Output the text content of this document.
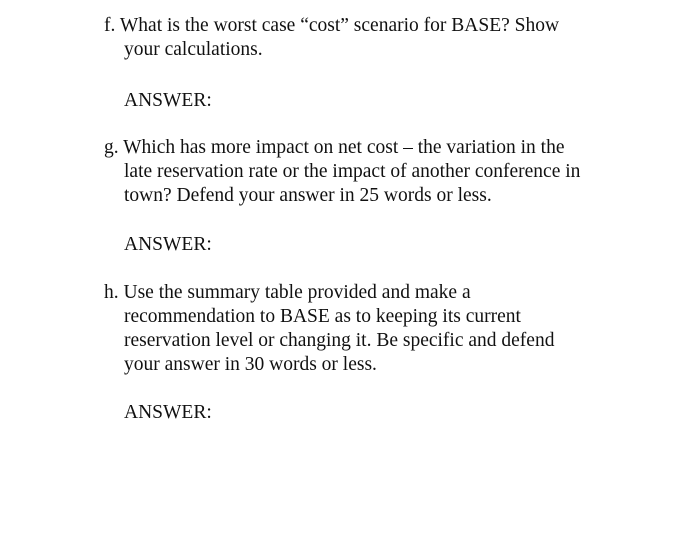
f. What is the worst case “cost” scenario for BASE? Show
your calculations.
ANSWER:
g. Which has more impact on net cost – the variation in the
late reservation rate or the impact of another conference in
town? Defend your answer in 25 words or less.
ANSWER:
h. Use the summary table provided and make a
recommendation to BASE as to keeping its current
reservation level or changing it. Be specific and defend
your answer in 30 words or less.
ANSWER:
